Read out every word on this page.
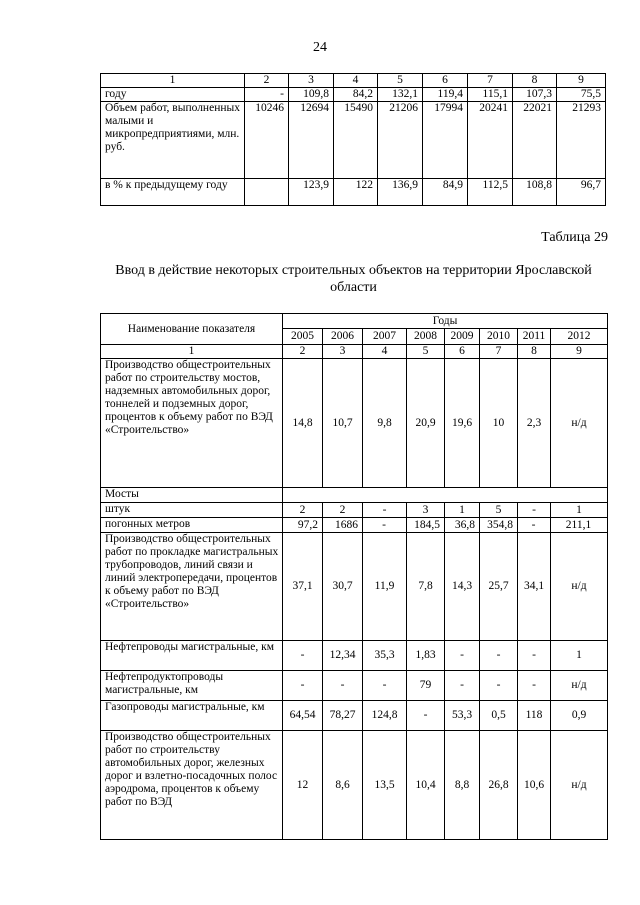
24
1	2	3	4	5	6	7	8	9
году	-	109,8	84,2	132,1	119,4	115,1	107,3	75,5
Объем работ, выполненных малыми и микропредприятиями, млн. руб.	10246	12694	15490	21206	17994	20241	22021	21293
в % к предыдущему году		123,9	122	136,9	84,9	112,5	108,8	96,7
Таблица 29
Ввод в действие некоторых строительных объектов на территории Ярославской области
Наименование показателя	Годы							
	2005	2006	2007	2008	2009	2010	2011	2012
1	2	3	4	5	6	7	8	9
Производство общестроительных работ по строительству мостов, надземных автомобильных дорог, тоннелей и подземных дорог, процентов к объему работ по ВЭД «Строительство»	14,8	10,7	9,8	20,9	19,6	10	2,3	н/д
Мосты								
штук	2	2	-	3	1	5	-	1
погонных метров	97,2	1686	-	184,5	36,8	354,8	-	211,1
Производство общестроительных работ по прокладке магистральных трубопроводов, линий связи и линий электропередачи, процентов к объему работ по ВЭД «Строительство»	37,1	30,7	11,9	7,8	14,3	25,7	34,1	н/д
Нефтепроводы магистральные, км	-	12,34	35,3	1,83	-	-	-	1
Нефтепродуктопроводы магистральные, км	-	-	-	79	-	-	-	н/д
Газопроводы магистральные, км	64,54	78,27	124,8	-	53,3	0,5	118	0,9
Производство общестроительных работ по строительству автомобильных дорог, железных дорог и взлетно-посадочных полос аэродрома, процентов к объему работ по ВЭД	12	8,6	13,5	10,4	8,8	26,8	10,6	н/д
